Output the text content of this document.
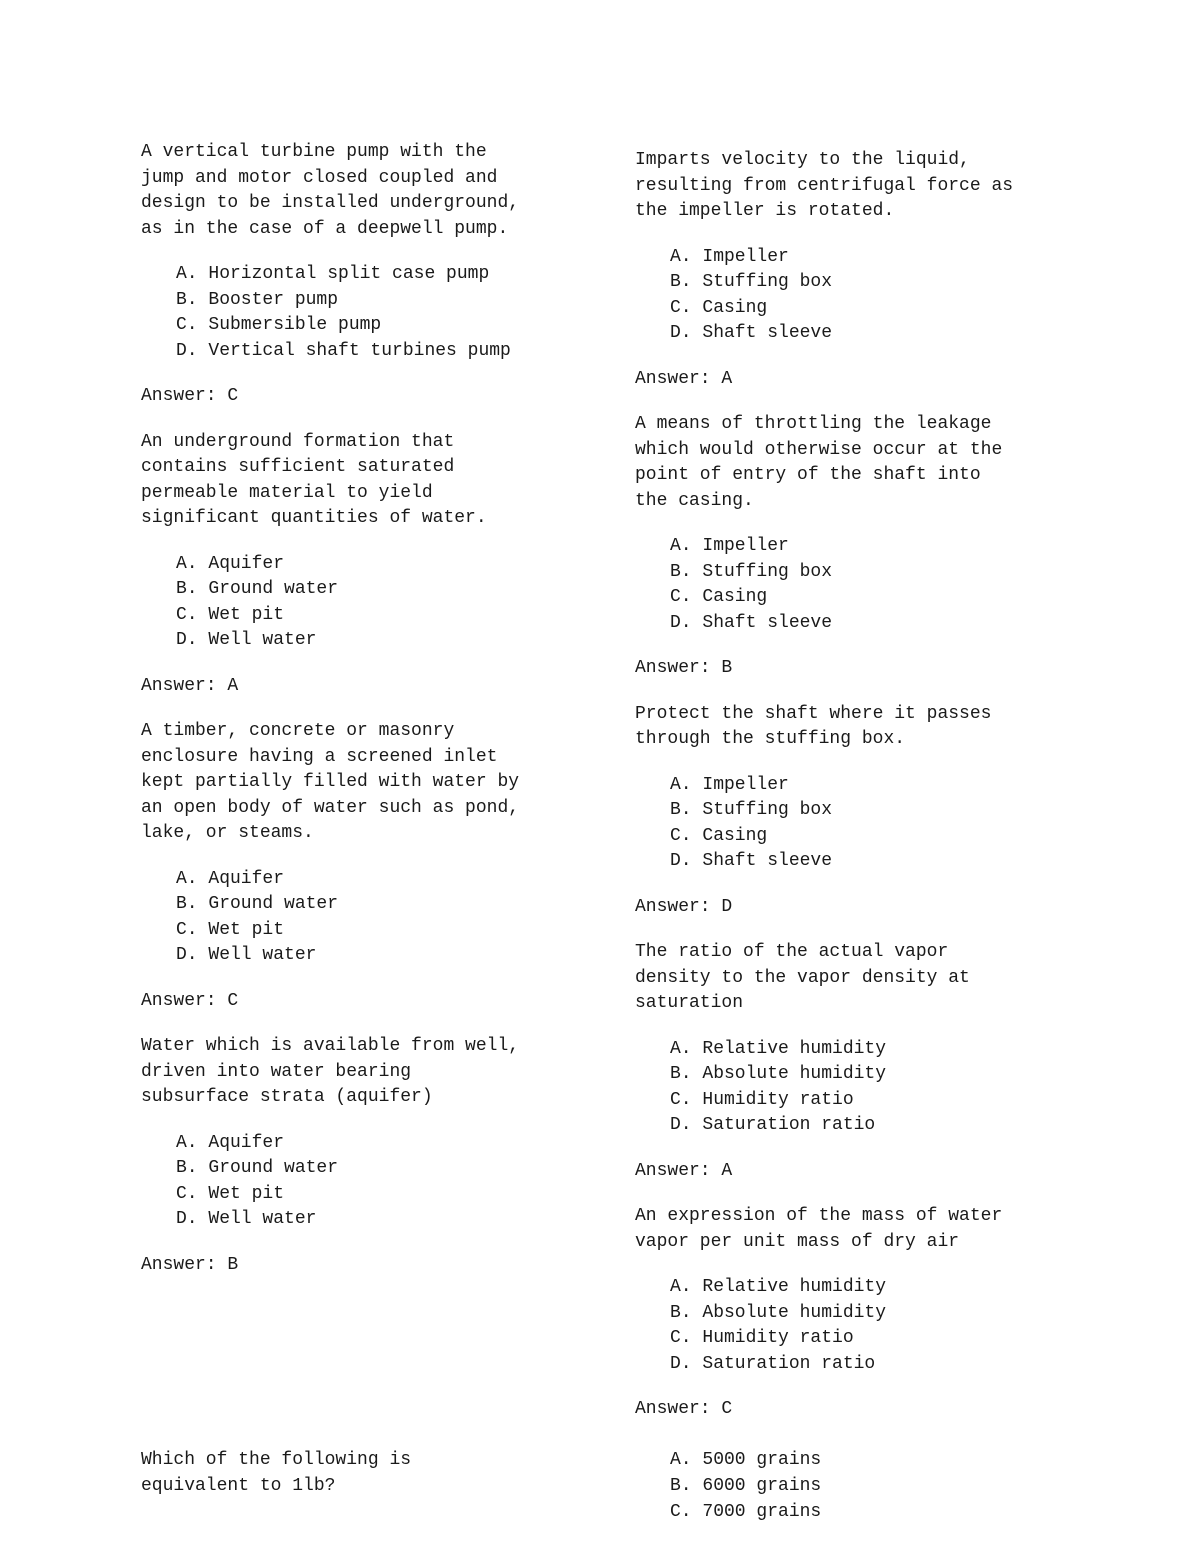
A vertical turbine pump with the
jump and motor closed coupled and
design to be installed underground,
as in the case of a deepwell pump.

A. Horizontal split case pump
B. Booster pump
C. Submersible pump
D. Vertical shaft turbines pump

Answer: C

An underground formation that
contains sufficient saturated
permeable material to yield
significant quantities of water.

A. Aquifer
B. Ground water
C. Wet pit
D. Well water

Answer: A

A timber, concrete or masonry
enclosure having a screened inlet
kept partially filled with water by
an open body of water such as pond,
lake, or steams.

A. Aquifer
B. Ground water
C. Wet pit
D. Well water

Answer: C

Water which is available from well,
driven into water bearing
subsurface strata (aquifer)

A. Aquifer
B. Ground water
C. Wet pit
D. Well water

Answer: B

Imparts velocity to the liquid,
resulting from centrifugal force as
the impeller is rotated.

A. Impeller
B. Stuffing box
C. Casing
D. Shaft sleeve

Answer: A

A means of throttling the leakage
which would otherwise occur at the
point of entry of the shaft into
the casing.

A. Impeller
B. Stuffing box
C. Casing
D. Shaft sleeve

Answer: B

Protect the shaft where it passes
through the stuffing box.

A. Impeller
B. Stuffing box
C. Casing
D. Shaft sleeve

Answer: D

The ratio of the actual vapor
density to the vapor density at
saturation

A. Relative humidity
B. Absolute humidity
C. Humidity ratio
D. Saturation ratio

Answer: A

An expression of the mass of water
vapor per unit mass of dry air

A. Relative humidity
B. Absolute humidity
C. Humidity ratio
D. Saturation ratio

Answer: C

Which of the following is
equivalent to 1lb?

A. 5000 grains
B. 6000 grains
C. 7000 grains
